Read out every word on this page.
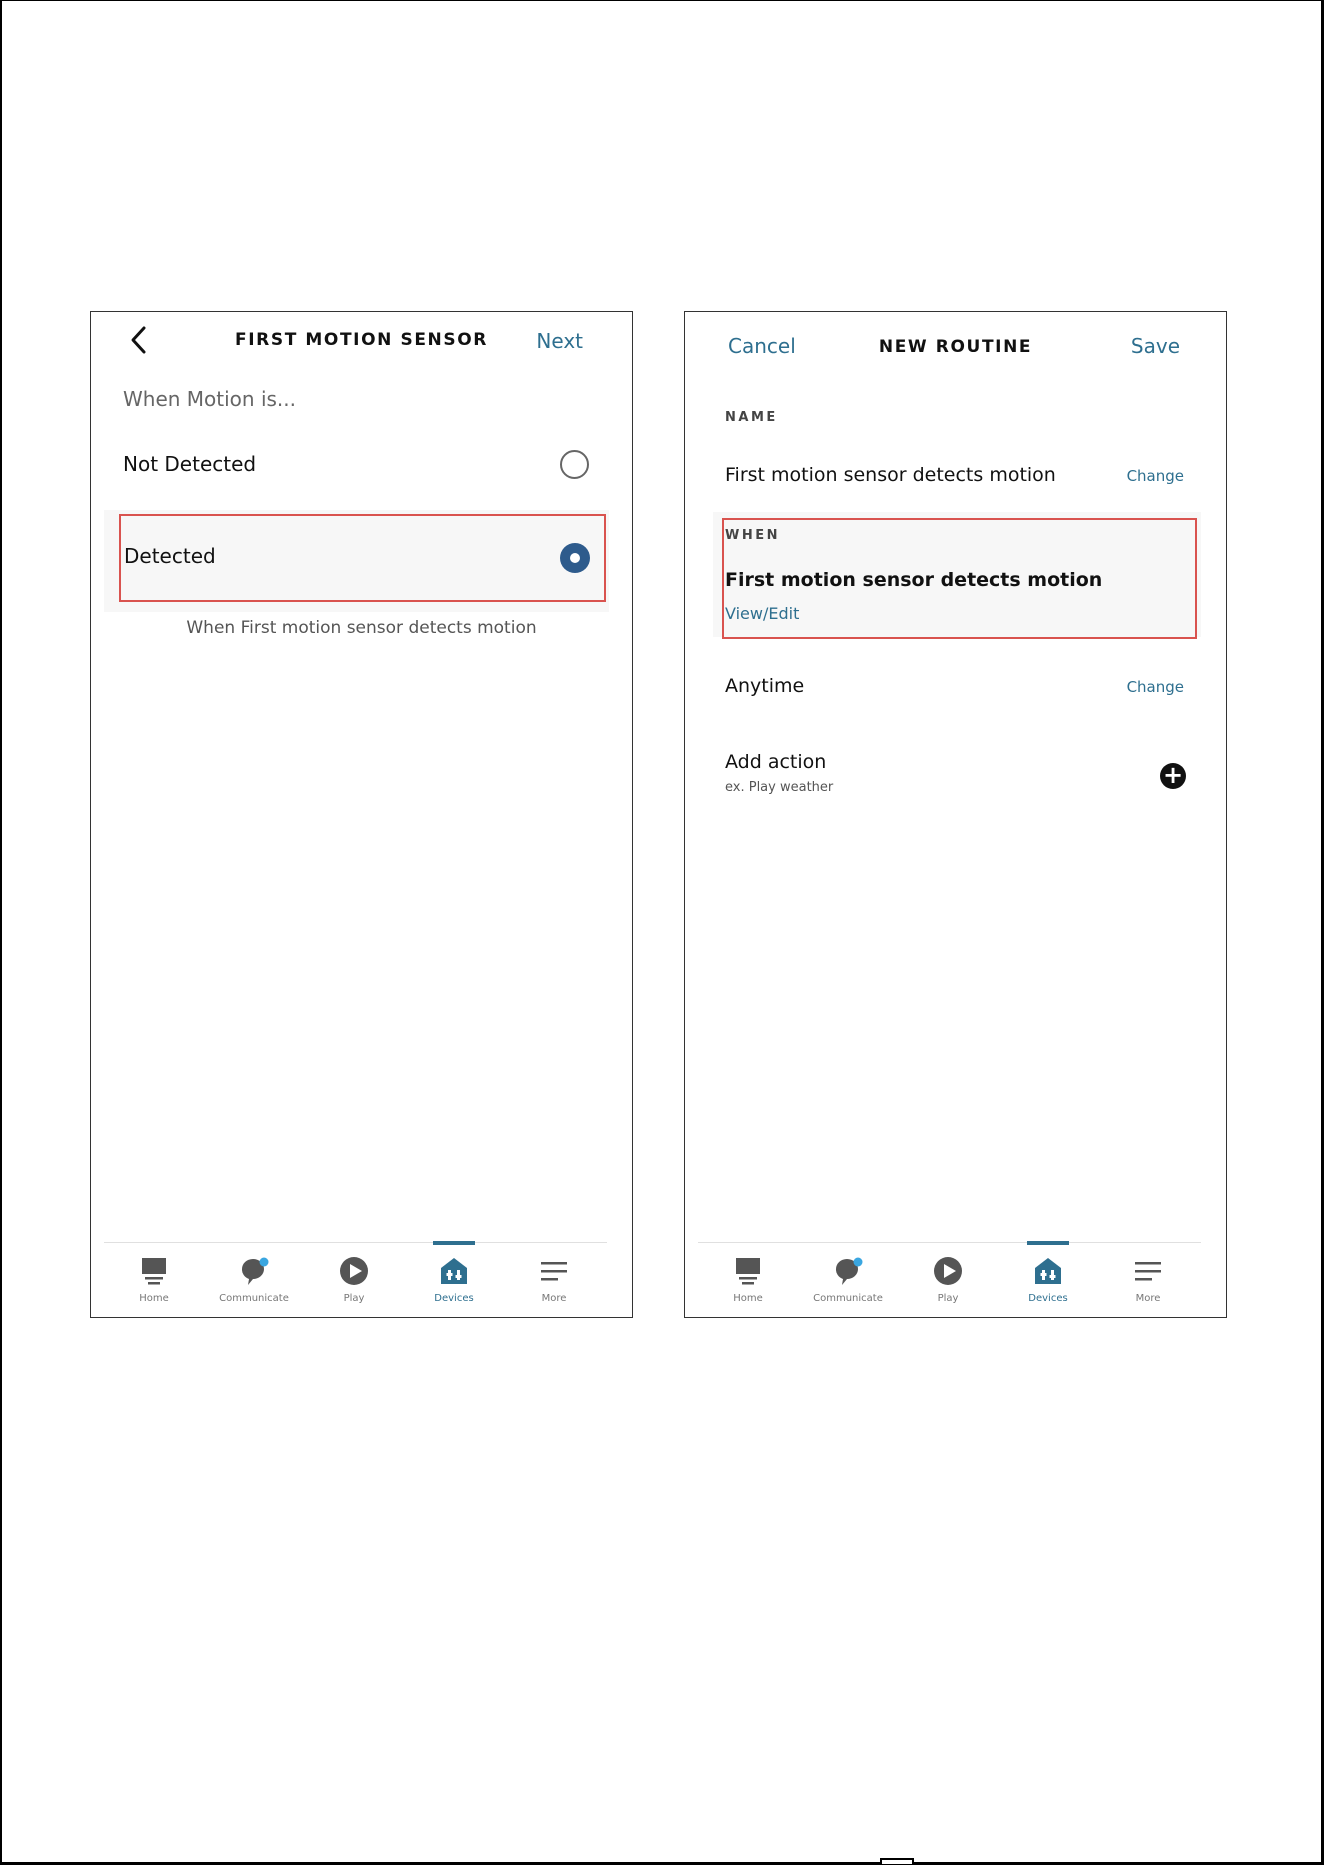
FIRST MOTION SENSOR	Next
When Motion is...
Not Detected
Detected
When First motion sensor detects motion
Home	Communicate	Play	Devices	More
Cancel	NEW ROUTINE	Save
NAME
First motion sensor detects motion	Change
WHEN
First motion sensor detects motion
View/Edit
Anytime	Change
Add action
ex. Play weather	+
Home	Communicate	Play	Devices	More
